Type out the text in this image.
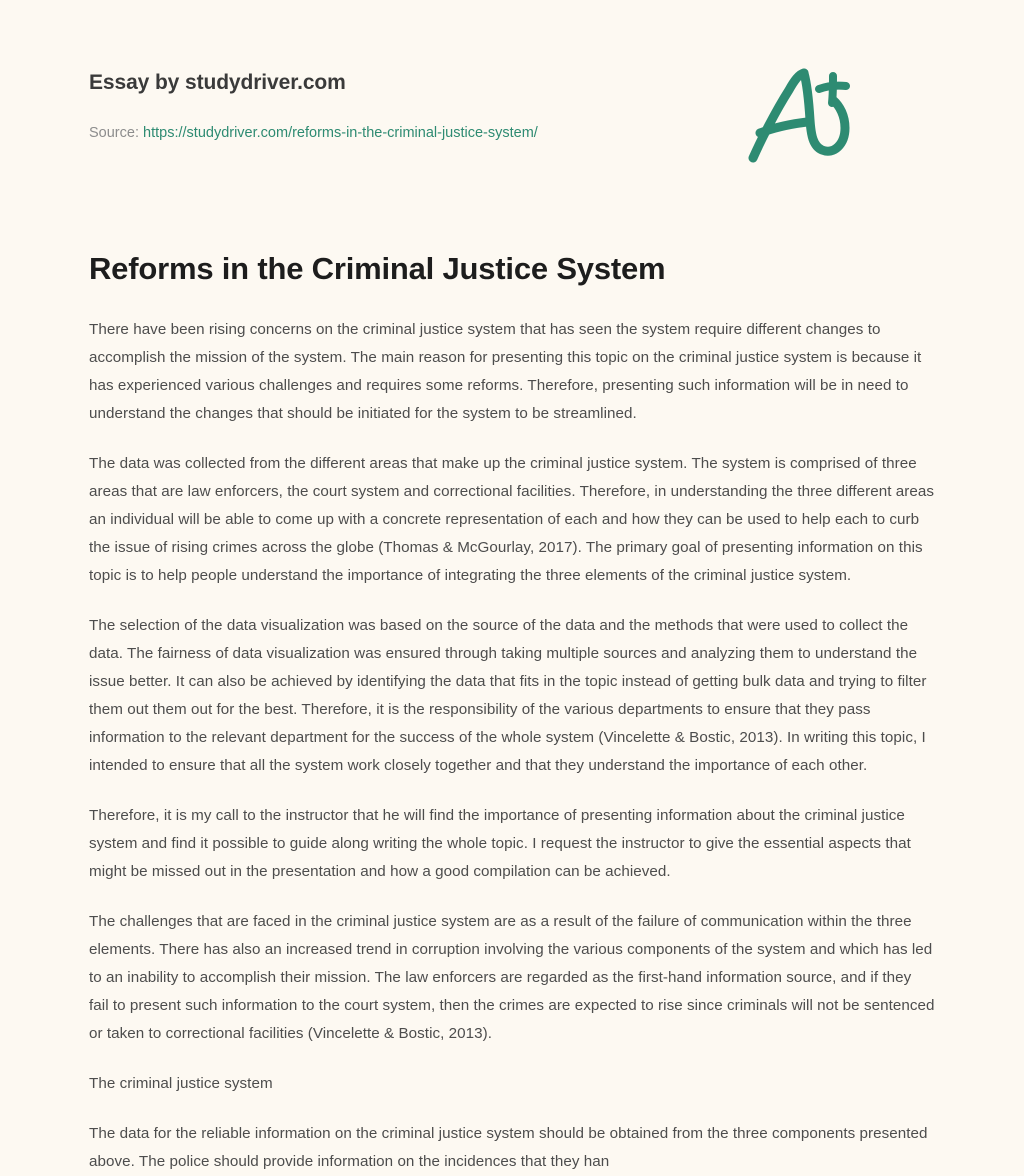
Essay by studydriver.com
Source: https://studydriver.com/reforms-in-the-criminal-justice-system/
Reforms in the Criminal Justice System

There have been rising concerns on the criminal justice system that has seen the system require different changes to accomplish the mission of the system. The main reason for presenting this topic on the criminal justice system is because it has experienced various challenges and requires some reforms. Therefore, presenting such information will be in need to understand the changes that should be initiated for the system to be streamlined.

The data was collected from the different areas that make up the criminal justice system. The system is comprised of three areas that are law enforcers, the court system and correctional facilities. Therefore, in understanding the three different areas an individual will be able to come up with a concrete representation of each and how they can be used to help each to curb the issue of rising crimes across the globe (Thomas & McGourlay, 2017). The primary goal of presenting information on this topic is to help people understand the importance of integrating the three elements of the criminal justice system.

The selection of the data visualization was based on the source of the data and the methods that were used to collect the data. The fairness of data visualization was ensured through taking multiple sources and analyzing them to understand the issue better. It can also be achieved by identifying the data that fits in the topic instead of getting bulk data and trying to filter them out them out for the best. Therefore, it is the responsibility of the various departments to ensure that they pass information to the relevant department for the success of the whole system (Vincelette & Bostic, 2013). In writing this topic, I intended to ensure that all the system work closely together and that they understand the importance of each other.

Therefore, it is my call to the instructor that he will find the importance of presenting information about the criminal justice system and find it possible to guide along writing the whole topic. I request the instructor to give the essential aspects that might be missed out in the presentation and how a good compilation can be achieved.

The challenges that are faced in the criminal justice system are as a result of the failure of communication within the three elements. There has also an increased trend in corruption involving the various components of the system and which has led to an inability to accomplish their mission. The law enforcers are regarded as the first-hand information source, and if they fail to present such information to the court system, then the crimes are expected to rise since criminals will not be sentenced or taken to correctional facilities (Vincelette & Bostic, 2013).

The criminal justice system

The data for the reliable information on the criminal justice system should be obtained from the three components presented above. The police should provide information on the incidences that they han
